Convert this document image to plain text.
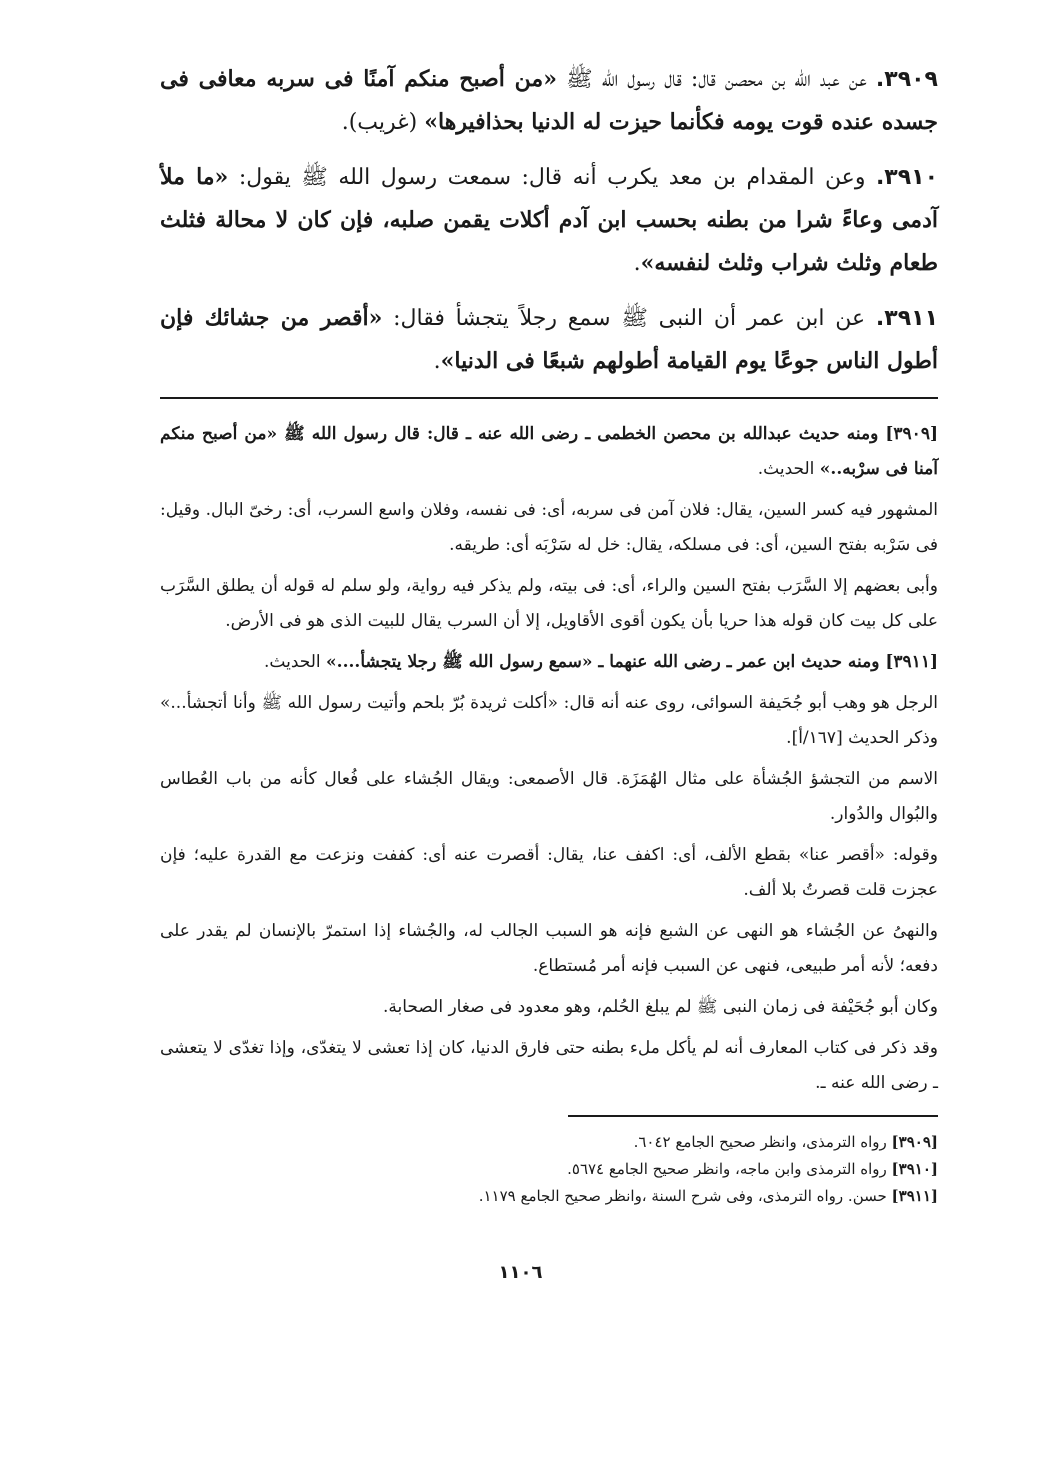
٣٩٠٩. عن عبد الله بن محصن قال: قال رسول الله ﷺ «من أصبح منكم آمنًا فى سربه معافى فى جسده عنده قوت يومه فكأنما حيزت له الدنيا بحذافيرها» (غريب).

٣٩١٠. وعن المقدام بن معد يكرب أنه قال: سمعت رسول الله ﷺ يقول: «ما ملأ آدمى وعاءً شرا من بطنه بحسب ابن آدم أكلات يقمن صلبه، فإن كان لا محالة فثلث طعام وثلث شراب وثلث لنفسه».

٣٩١١. عن ابن عمر أن النبى ﷺ سمع رجلاً يتجشأ فقال: «أقصر من جشائك فإن أطول الناس جوعًا يوم القيامة أطولهم شبعًا فى الدنيا».

[٣٩٠٩] ومنه حديث عبدالله بن محصن الخطمى ـ رضى الله عنه ـ قال: قال رسول الله ﷺ «من أصبح منكم آمنا فى سرْبه..» الحديث.

المشهور فيه كسر السين، يقال: فلان آمن فى سربه، أى: فى نفسه، وفلان واسع السرب، أى: رخىّ البال. وقيل: فى سَرْبه بفتح السين، أى: فى مسلكه، يقال: خل له سَرْبَه أى: طريقه.

وأبى بعضهم إلا السَّرَب بفتح السين والراء، أى: فى بيته، ولم يذكر فيه رواية، ولو سلم له قوله أن يطلق السَّرَب على كل بيت كان قوله هذا حريا بأن يكون أقوى الأقاويل، إلا أن السرب يقال للبيت الذى هو فى الأرض.

[٣٩١١] ومنه حديث ابن عمر ـ رضى الله عنهما ـ «سمع رسول الله ﷺ رجلا يتجشأ....» الحديث.

الرجل هو وهب أبو جُحَيفة السوائى، روى عنه أنه قال: «أكلت ثريدة بُرّ بلحم وأتيت رسول الله ﷺ وأنا أتجشأ...» وذكر الحديث [١٦٧/أ].

الاسم من التجشؤ الجُشأة على مثال الهُمَزَة. قال الأصمعى: ويقال الجُشاء على فُعال كأنه من باب العُطاس والبُوال والدُوار.

وقوله: «أقصر عنا» بقطع الألف، أى: اكفف عنا، يقال: أقصرت عنه أى: كففت ونزعت مع القدرة عليه؛ فإن عجزت قلت قصرتُ بلا ألف.

والنهىُ عن الجُشاء هو النهى عن الشبع فإنه هو السبب الجالب له، والجُشاء إذا استمرّ بالإنسان لم يقدر على دفعه؛ لأنه أمر طبيعى، فنهى عن السبب فإنه أمر مُستطاع.

وكان أبو جُحَيْفة فى زمان النبى ﷺ لم يبلغ الحُلم، وهو معدود فى صغار الصحابة.

وقد ذكر فى كتاب المعارف أنه لم يأكل ملء بطنه حتى فارق الدنيا، كان إذا تعشى لا يتغدّى، وإذا تغدّى لا يتعشى ـ رضى الله عنه ـ.

[٣٩٠٩] رواه الترمذى، وانظر صحيح الجامع ٦٠٤٢.

[٣٩١٠] رواه الترمذى وابن ماجه، وانظر صحيح الجامع ٥٦٧٤.

[٣٩١١] حسن. رواه الترمذى، وفى شرح السنة ،وانظر صحيح الجامع ١١٧٩.

١١٠٦
